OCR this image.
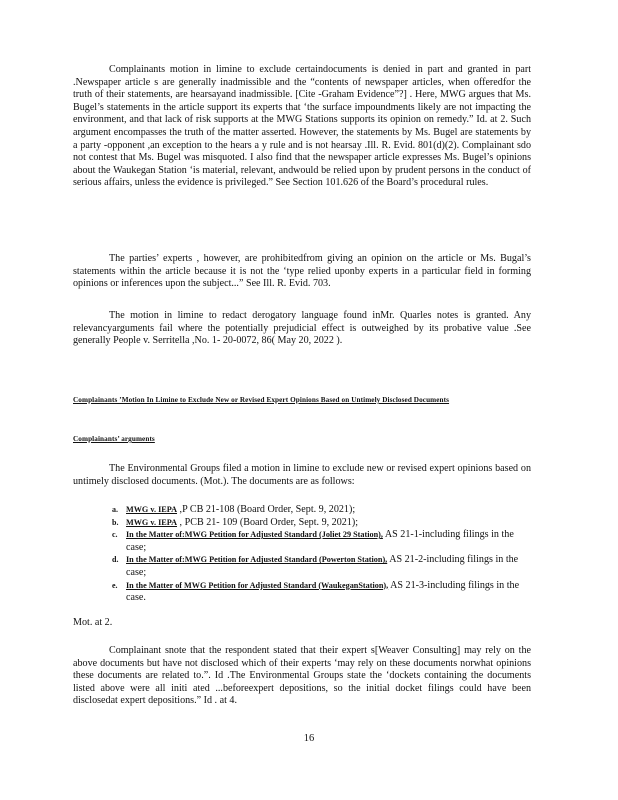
Complainants motion in limine to exclude certaindocuments is denied in part and granted in part .Newspaper article s are generally inadmissible and the “contents of newspaper articles, when offeredfor the truth of their statements, are hearsayand inadmissible. [Cite -Graham Evidence”?] . Here, MWG argues that Ms. Bugel’s statements in the article support its experts that ‘the surface impoundments likely are not impacting the environment, and that lack of risk supports at the MWG Stations supports its opinion on remedy.” Id. at 2. Such argument encompasses the truth of the matter asserted. However, the statements by Ms. Bugel are statements by a party -opponent ,an exception to the hears a y rule and is not hearsay .Ill. R. Evid. 801(d)(2). Complainant sdo not contest that Ms. Bugel was misquoted. I also find that the newspaper article expresses Ms. Bugel’s opinions about the Waukegan Station ‘is material, relevant, andwould be relied upon by prudent persons in the conduct of serious affairs, unless the evidence is privileged.” See Section 101.626 of the Board’s procedural rules.

The parties’ experts , however, are prohibitedfrom giving an opinion on the article or Ms. Bugal’s statements within the article because it is not the ‘type relied uponby experts in a particular field in forming opinions or inferences upon the subject...” See Ill. R. Evid. 703.

The motion in limine to redact derogatory language found inMr. Quarles notes is granted. Any relevancyarguments fail where the potentially prejudicial effect is outweighed by its probative value .See generally People v. Serritella ,No. 1- 20-0072, 86( May 20, 2022 ).

Complainants ’Motion In Limine to Exclude New or Revised Expert Opinions Based on Untimely Disclosed Documents
Complainants’ arguments

The Environmental Groups filed a motion in limine to exclude new or revised expert opinions based on untimely disclosed documents. (Mot.). The documents are as follows:

a. MWG v. IEPA ,P CB 21-108 (Board Order, Sept. 9, 2021);
b. MWG v. IEPA , PCB 21- 109 (Board Order, Sept. 9, 2021);
c. In the Matter of:MWG Petition for Adjusted Standard (Joliet 29 Station), AS 21-1-including filings in the case;
d. In the Matter of:MWG Petition for Adjusted Standard (Powerton Station), AS 21-2-including filings in the case;
e. In the Matter of MWG Petition for Adjusted Standard (WaukeganStation), AS 21-3-including filings in the case.
Mot. at 2.

Complainant snote that the respondent stated that their expert s[Weaver Consulting] may rely on the above documents but have not disclosed which of their experts ‘may rely on these documents norwhat opinions these documents are related to.”. Id .The Environmental Groups state the ‘dockets containing the documents listed above were all initi ated ...beforeexpert depositions, so the initial docket filings could have been disclosedat expert depositions.” Id . at 4.

16
